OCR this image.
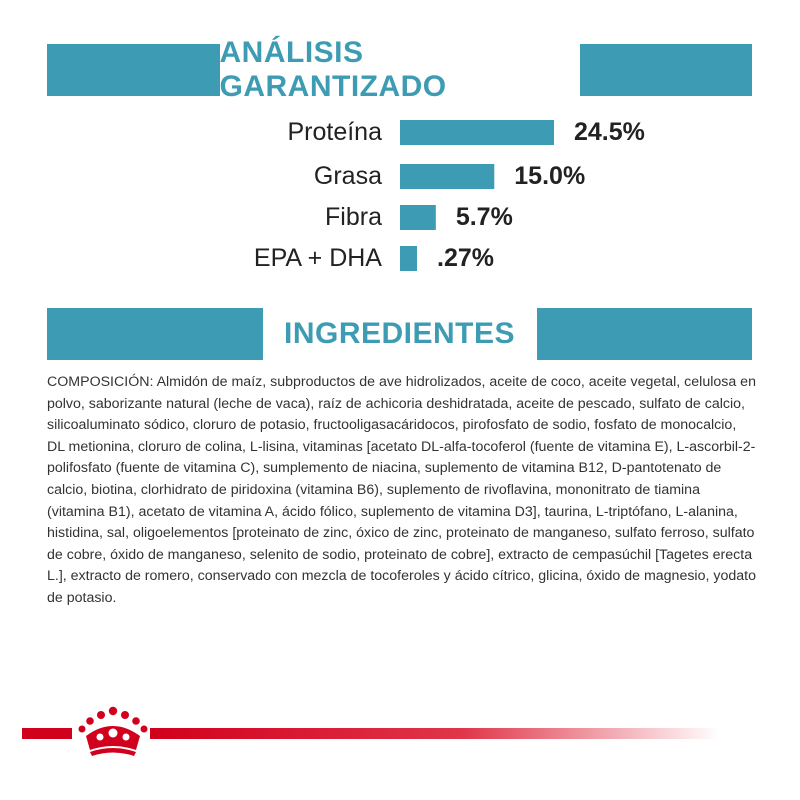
ANÁLISIS GARANTIZADO
Proteína	24.5%
Grasa	15.0%
Fibra	5.7%
EPA + DHA .27%
INGREDIENTES

COMPOSICIÓN: Almidón de maíz, subproductos de ave hidrolizados, aceite de coco, aceite vegetal, celulosa en polvo, saborizante natural (leche de vaca), raíz de achicoria deshidratada, aceite de pescado, sulfato de calcio, silicoaluminato sódico, cloruro de potasio, fructooligasacáridocos, pirofosfato de sodio, fosfato de monocalcio, DL metionina, cloruro de colina, L-lisina, vitaminas [acetato DL-alfa-tocoferol (fuente de vitamina E), L-ascorbil-2-polifosfato (fuente de vitamina C), sumplemento de niacina, suplemento de vitamina B12, D-pantotenato de calcio, biotina, clorhidrato de piridoxina (vitamina B6), suplemento de rivoflavina, mononitrato de tiamina (vitamina B1), acetato de vitamina A, ácido fólico, suplemento de vitamina D3], taurina, L-triptófano, L-alanina, histidina, sal, oligoelementos [proteinato de zinc, óxico de zinc, proteinato de manganeso, sulfato ferroso, sulfato de cobre, óxido de manganeso, selenito de sodio, proteinato de cobre], extracto de cempasúchil [Tagetes erecta L.], extracto de romero, conservado con mezcla de tocoferoles y ácido cítrico, glicina, óxido de magnesio, yodato de potasio.
